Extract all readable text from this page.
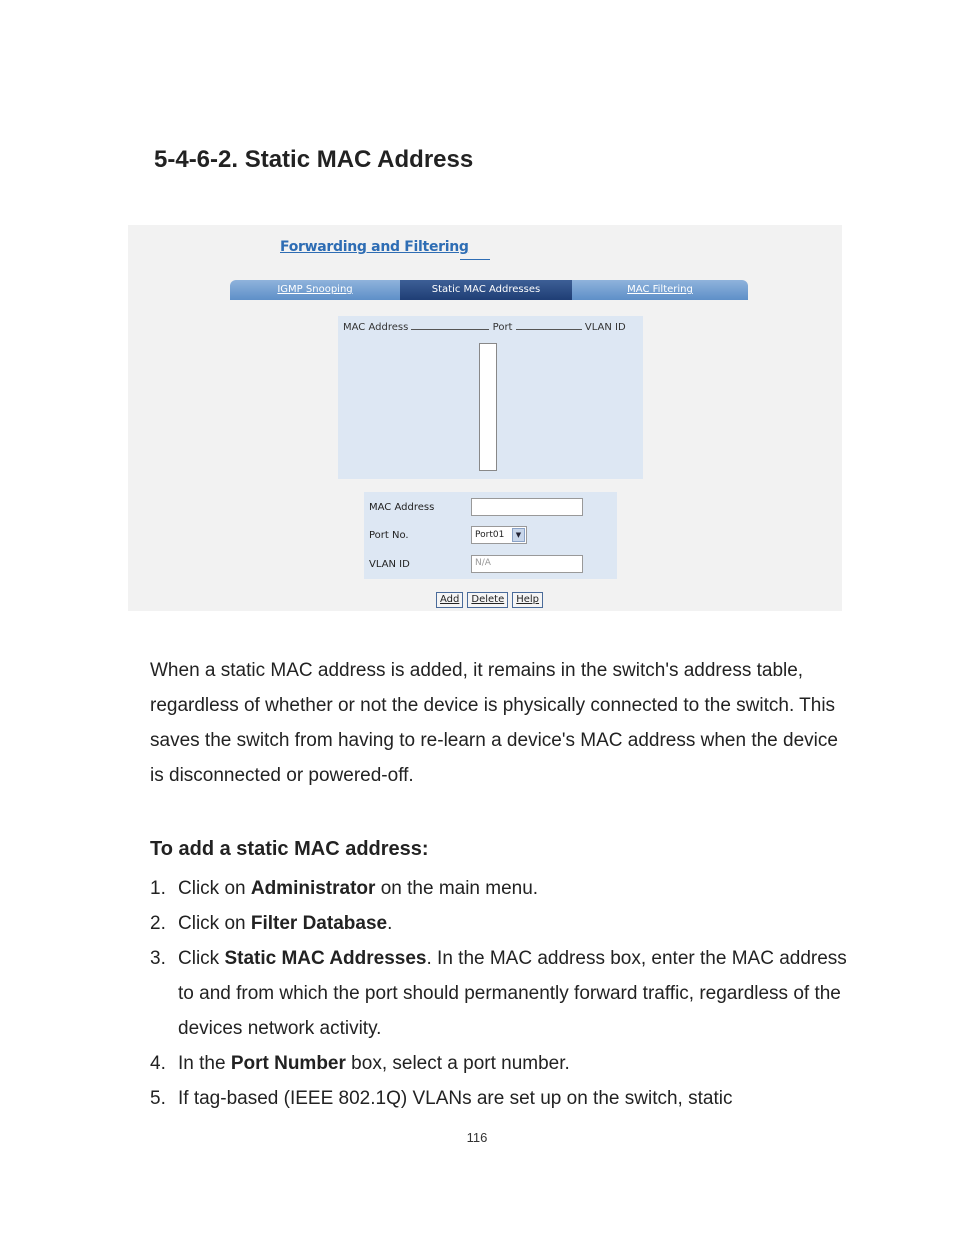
5-4-6-2. Static MAC Address
Forwarding and Filtering
IGMP Snooping	Static MAC Addresses	MAC Filtering
MAC Address	Port	VLAN ID
MAC Address
Port No.	Port01	▼
VLAN ID	N/A
Add	Delete	Help

When a static MAC address is added, it remains in the switch's address table, regardless of whether or not the device is physically connected to the switch. This saves the switch from having to re-learn a device's MAC address when the device is disconnected or powered-off.

To add a static MAC address:
1. Click on Administrator on the main menu.
2. Click on Filter Database.
3. Click Static MAC Addresses. In the MAC address box, enter the MAC address to and from which the port should permanently forward traffic, regardless of the devices network activity.
4. In the Port Number box, select a port number.
5. If tag-based (IEEE 802.1Q) VLANs are set up on the switch, static
116
